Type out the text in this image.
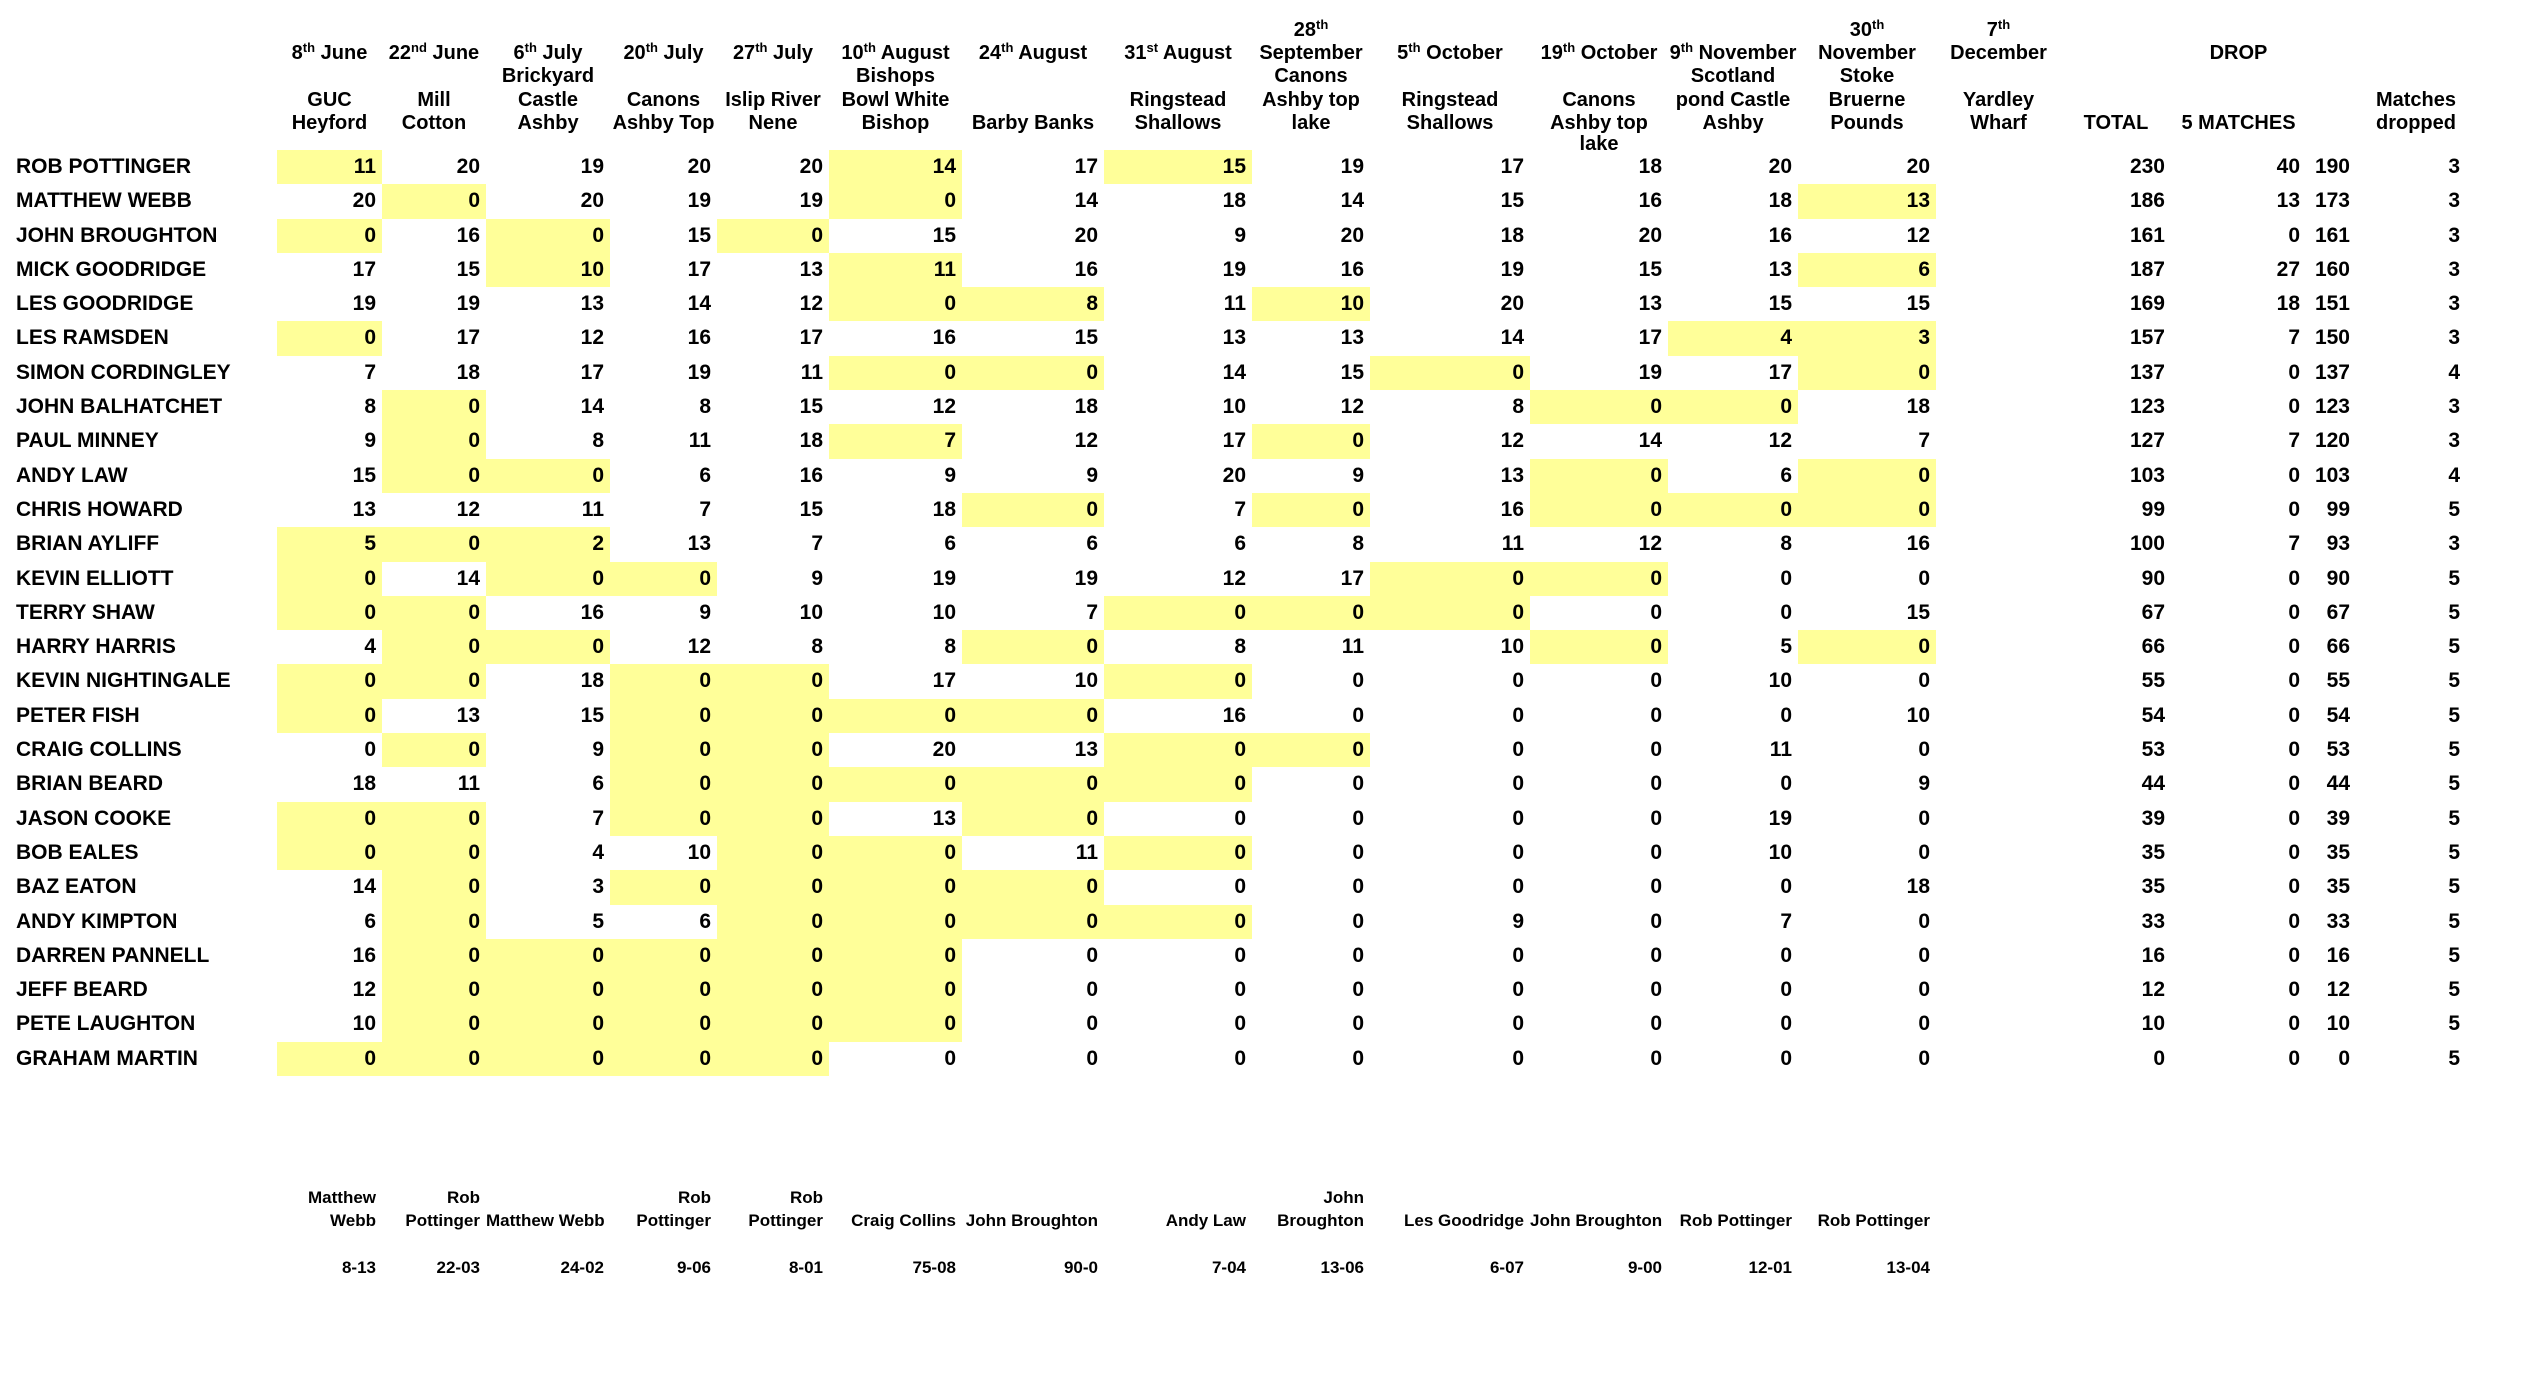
ROB POTTINGER
MATTHEW WEBB
JOHN BROUGHTON
MICK GOODRIDGE
LES GOODRIDGE
LES RAMSDEN
SIMON CORDINGLEY
JOHN BALHATCHET
PAUL MINNEY
ANDY LAW
CHRIS HOWARD
BRIAN AYLIFF
KEVIN ELLIOTT
TERRY SHAW
HARRY HARRIS
KEVIN NIGHTINGALE
PETER FISH
CRAIG COLLINS
BRIAN BEARD
JASON COOKE
BOB EALES
BAZ EATON
ANDY KIMPTON
DARREN PANNELL
JEFF BEARD
PETE LAUGHTON
GRAHAM MARTIN
8th June
GUC
Heyford
11
20
0
17
19
0
7
8
9
15
13
5
0
0
4
0
0
0
18
0
0
14
6
16
12
10
0
Matthew
Webb
8-13
22nd June
Mill
Cotton
20
0
16
15
19
17
18
0
0
0
12
0
14
0
0
0
13
0
11
0
0
0
0
0
0
0
0
Rob
Pottinger
22-03
6th July
Brickyard
Castle
Ashby
19
20
0
10
13
12
17
14
8
0
11
2
0
16
0
18
15
9
6
7
4
3
5
0
0
0
0
Matthew Webb
24-02
20th July
Canons
Ashby Top
20
19
15
17
14
16
19
8
11
6
7
13
0
9
12
0
0
0
0
0
10
0
6
0
0
0
0
Rob
Pottinger
9-06
27th July
Islip River
Nene
20
19
0
13
12
17
11
15
18
16
15
7
9
10
8
0
0
0
0
0
0
0
0
0
0
0
0
Rob
Pottinger
8-01
10th August
Bishops
Bowl White
Bishop
14
0
15
11
0
16
0
12
7
9
18
6
19
10
8
17
0
20
0
13
0
0
0
0
0
0
0
Craig Collins
75-08
24th August
Barby Banks
17
14
20
16
8
15
0
18
12
9
0
6
19
7
0
10
0
13
0
0
11
0
0
0
0
0
0
John Broughton
90-0
31st August
Ringstead
Shallows
15
18
9
19
11
13
14
10
17
20
7
6
12
0
8
0
16
0
0
0
0
0
0
0
0
0
0
Andy Law
7-04
28th
September
Canons
Ashby top
lake
19
14
20
16
10
13
15
12
0
9
0
8
17
0
11
0
0
0
0
0
0
0
0
0
0
0
0
John
Broughton
13-06
5th October
Ringstead
Shallows
17
15
18
19
20
14
0
8
12
13
16
11
0
0
10
0
0
0
0
0
0
0
9
0
0
0
0
Les Goodridge
6-07
19th October
Canons
Ashby top
lake
18
16
20
15
13
17
19
0
14
0
0
12
0
0
0
0
0
0
0
0
0
0
0
0
0
0
0
John Broughton
9-00
9th November
Scotland
pond Castle
Ashby
20
18
16
13
15
4
17
0
12
6
0
8
0
0
5
10
0
11
0
19
10
0
7
0
0
0
0
Rob Pottinger
12-01
30th
November
Stoke
Bruerne
Pounds
20
13
12
6
15
3
0
18
7
0
0
16
0
15
0
0
10
0
9
0
0
18
0
0
0
0
0
Rob Pottinger
13-04
7th
December
Yardley
Wharf	TOTAL
230
186
161
187
169
157
137
123
127
103
99
100
90
67
66
55
54
53
44
39
35
35
33
16
12
10
0
DROP
5 MATCHES
40
13
0
27
18
7
0
0
7
0
0
7
0
0
0
0
0
0
0
0
0
0
0
0
0
0
0
190
173
161
160
151
150
137
123
120
103
99
93
90
67
66
55
54
53
44
39
35
35
33
16
12
10
0
Matches
dropped
3
3
3
3
3
3
4
3
3
4
5
3
5
5
5
5
5
5
5
5
5
5
5
5
5
5
5
